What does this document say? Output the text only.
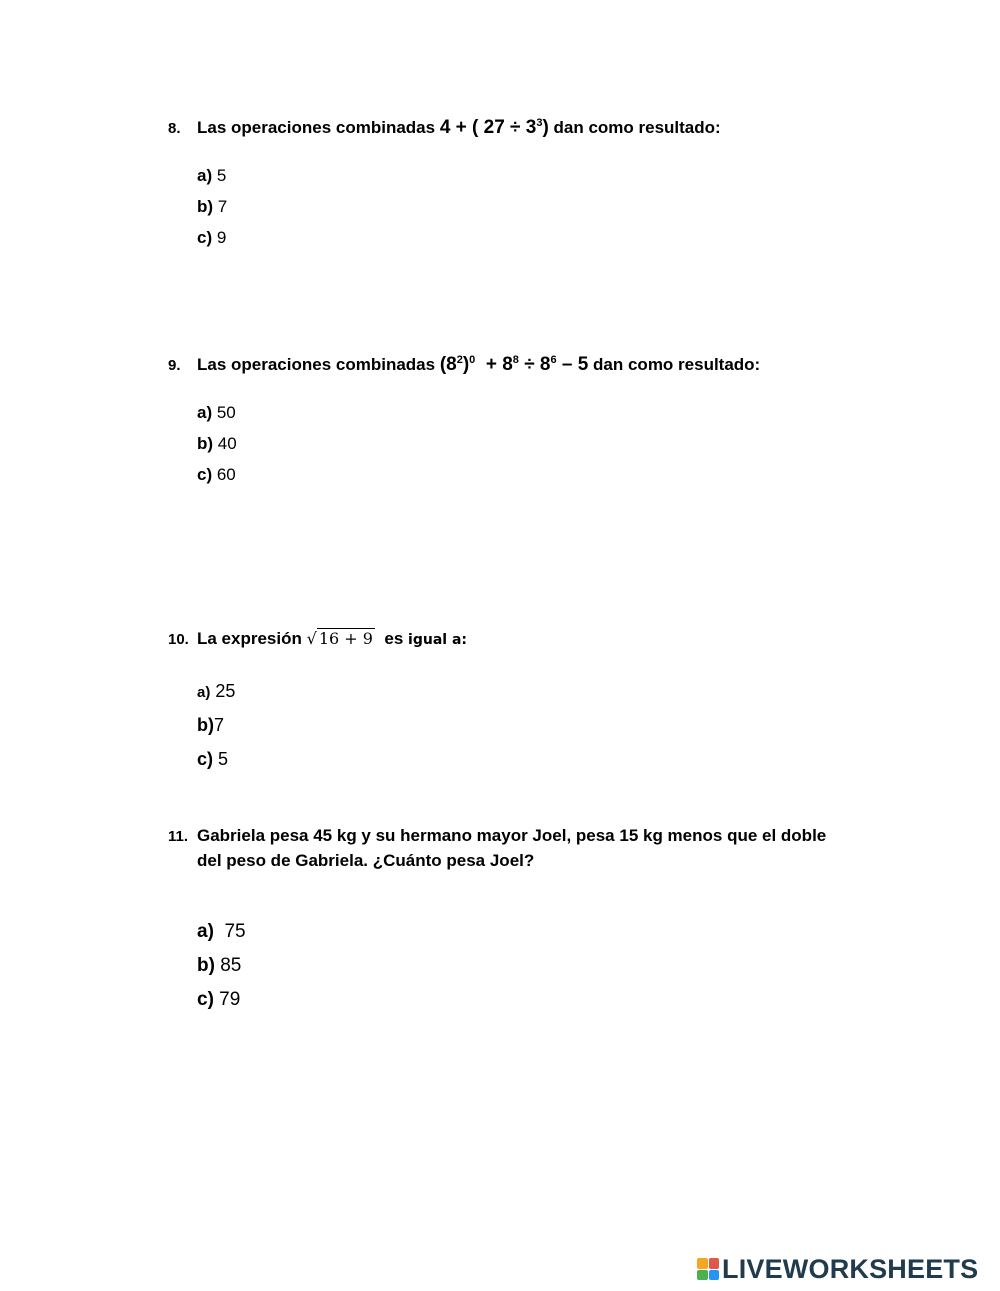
8. Las operaciones combinadas 4 + ( $27 \div 3^3$) dan como resultado:
a) 5
b) 7
c) 9
9. Las operaciones combinadas $(8^2)^0 + 8^8 \div 8^6 - 5$ dan como resultado:
a) 50
b) 40
c) 60
10. La expresión √ 16 + 9  es igual a:
a) 25
b)7
c) 5
11. Gabriela pesa 45 kg y su hermano mayor Joel, pesa 15 kg menos que el doble
del peso de Gabriela. ¿Cuánto pesa Joel?
a)  75
b) 85
c) 79
LIVEWORKSHEETS
